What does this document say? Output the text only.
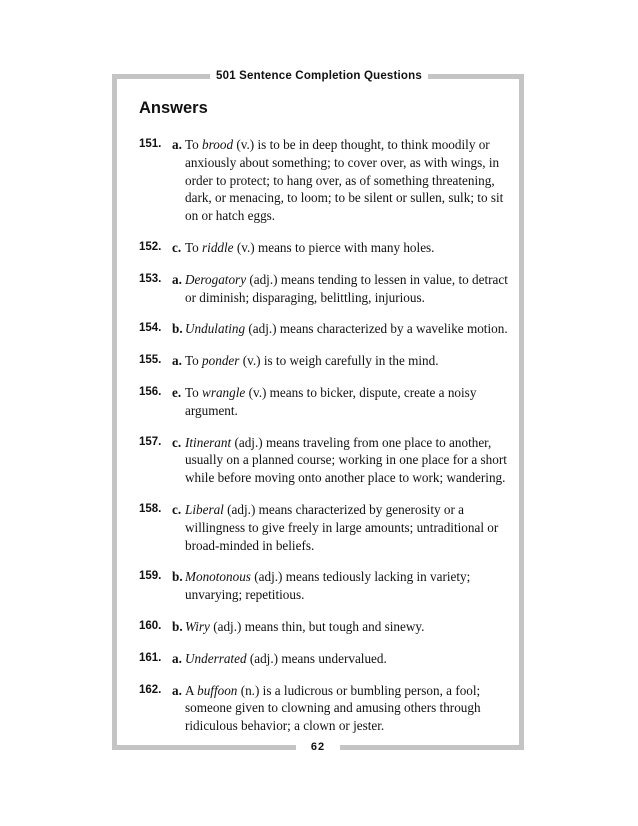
501 Sentence Completion Questions
Answers
151. a. To brood (v.) is to be in deep thought, to think moodily or anxiously about something; to cover over, as with wings, in order to protect; to hang over, as of something threatening, dark, or menacing, to loom; to be silent or sullen, sulk; to sit on or hatch eggs.
152. c. To riddle (v.) means to pierce with many holes.
153. a. Derogatory (adj.) means tending to lessen in value, to detract or diminish; disparaging, belittling, injurious.
154. b. Undulating (adj.) means characterized by a wavelike motion.
155. a. To ponder (v.) is to weigh carefully in the mind.
156. e. To wrangle (v.) means to bicker, dispute, create a noisy argument.
157. c. Itinerant (adj.) means traveling from one place to another, usually on a planned course; working in one place for a short while before moving onto another place to work; wandering.
158. c. Liberal (adj.) means characterized by generosity or a willingness to give freely in large amounts; untraditional or broad-minded in beliefs.
159. b. Monotonous (adj.) means tediously lacking in variety; unvarying; repetitious.
160. b. Wiry (adj.) means thin, but tough and sinewy.
161. a. Underrated (adj.) means undervalued.
162. a. A buffoon (n.) is a ludicrous or bumbling person, a fool; someone given to clowning and amusing others through ridiculous behavior; a clown or jester.
62
